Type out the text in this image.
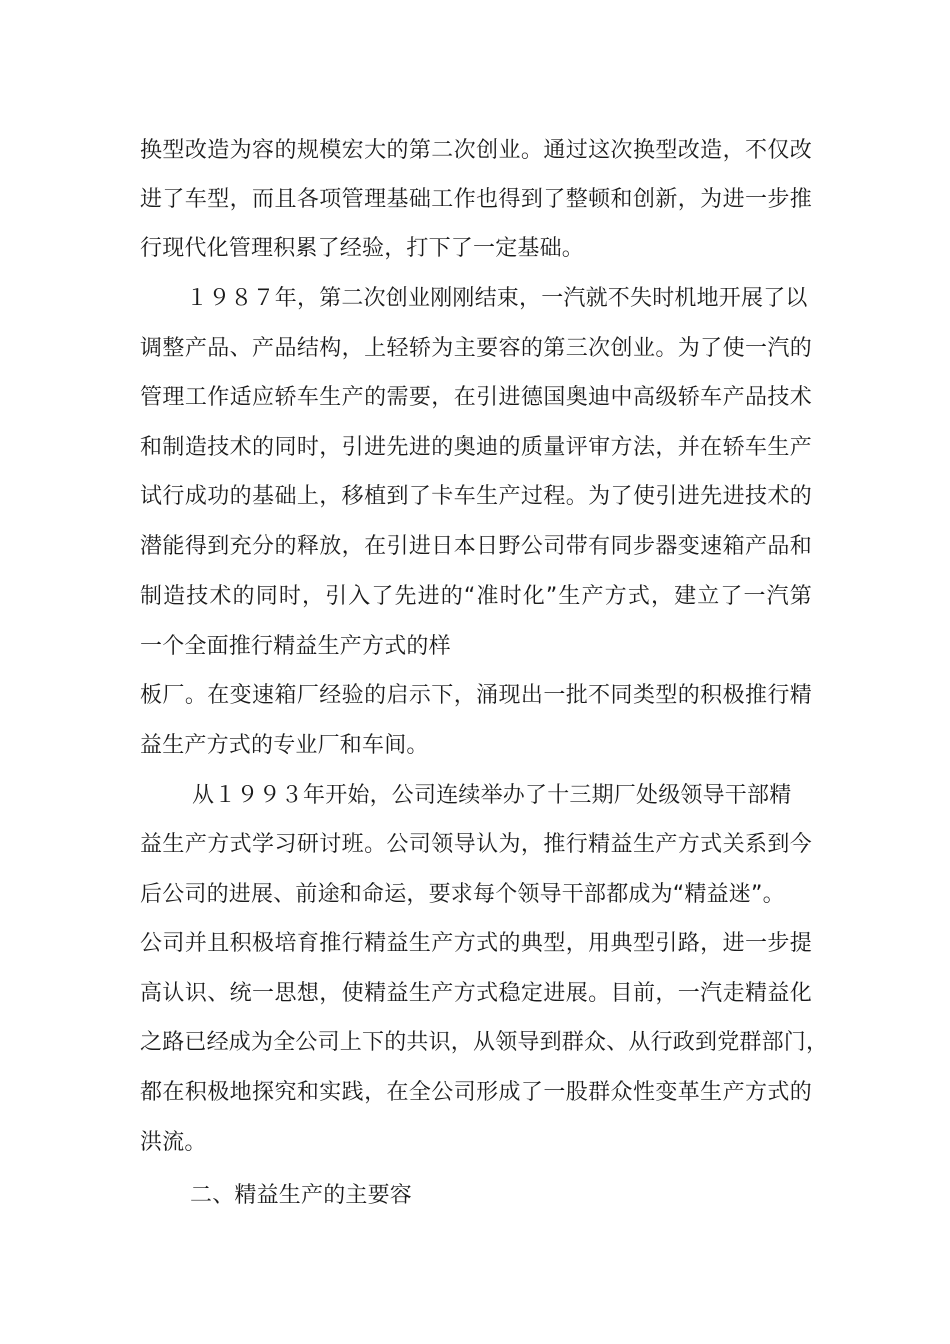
换型改造为容的规模宏大的第二次创业。通过这次换型改造，不仅改
进了车型，而且各项管理基础工作也得到了整顿和创新，为进一步推
行现代化管理积累了经验，打下了一定基础。
１９８７年，第二次创业刚刚结束，一汽就不失时机地开展了以
调整产品、产品结构，上轻轿为主要容的第三次创业。为了使一汽的
管理工作适应轿车生产的需要，在引进德国奥迪中高级轿车产品技术
和制造技术的同时，引进先进的奥迪的质量评审方法，并在轿车生产
试行成功的基础上，移植到了卡车生产过程。为了使引进先进技术的
潜能得到充分的释放，在引进日本日野公司带有同步器变速箱产品和
制造技术的同时，引入了先进的“准时化”生产方式，建立了一汽第
一个全面推行精益生产方式的样
板厂。在变速箱厂经验的启示下，涌现出一批不同类型的积极推行精
益生产方式的专业厂和车间。
从１９９３年开始，公司连续举办了十三期厂处级领导干部精
益生产方式学习研讨班。公司领导认为，推行精益生产方式关系到今
后公司的进展、前途和命运，要求每个领导干部都成为“精益迷”。
公司并且积极培育推行精益生产方式的典型，用典型引路，进一步提
高认识、统一思想，使精益生产方式稳定进展。目前，一汽走精益化
之路已经成为全公司上下的共识，从领导到群众、从行政到党群部门，
都在积极地探究和实践，在全公司形成了一股群众性变革生产方式的
洪流。
二、精益生产的主要容
